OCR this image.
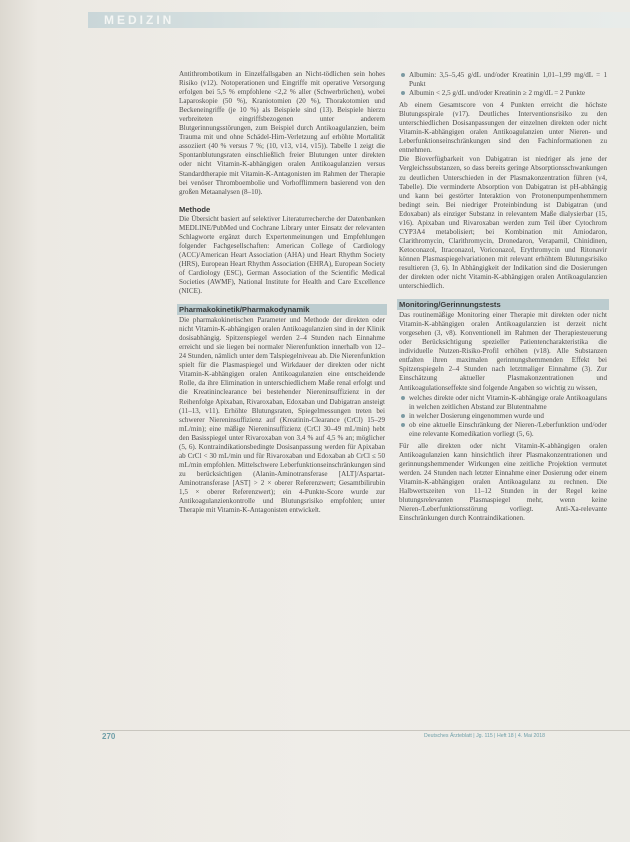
MEDIZIN

Antithrombotikum in Einzelfallsgaben an Nicht-tödlichen sein hohes Risiko (v12). Notoperationen und Eingriffe mit operative Versorgung erfolgen bei 5,5 % empfohlene <2,2 % aller (Schwerbrüchen), wobei Laparoskopie (50 %), Kraniotomien (20 %), Thorakotomien und Beckeneingriffe (je 10 %) als Beispiele sind (13). Beispiele hierzu verbreiteten eingriffsbezogenen unter anderem Blutgerinnungsstörungen, zum Beispiel durch Antikoagulanzien, beim Trauma mit und ohne Schädel-Hirn-Verletzung auf erhöhte Mortalität assoziiert (40 % versus 7 %; (10, v13, v14, v15)). Tabelle 1 zeigt die Spontanblutungsraten einschließlich freier Blutungen unter direkten oder nicht Vitamin-K-abhängigen oralen Antikoagulanzien versus Standardtherapie mit Vitamin-K-Antagonisten im Rahmen der Therapie bei venöser Thromboembolie und Vorhofflimmern basierend von den großen Metaanalysen (8–10).

Methode

Die Übersicht basiert auf selektiver Literaturrecherche der Datenbanken MEDLINE/PubMed und Cochrane Library unter Einsatz der relevanten Schlagworte ergänzt durch Expertenmeinungen und Empfehlungen folgender Fachgesellschaften: American College of Cardiology (ACC)/American Heart Association (AHA) und Heart Rhythm Society (HRS), European Heart Rhythm Association (EHRA), European Society of Cardiology (ESC), German Association of the Scientific Medical Societies (AWMF), National Institute for Health and Care Excellence (NICE).

Pharmakokinetik/Pharmakodynamik

Die pharmakokinetischen Parameter und Methode der direkten oder nicht Vitamin-K-abhängigen oralen Antikoagulanzien sind in der Klinik dosisabhängig. Spitzenspiegel werden 2–4 Stunden nach Einnahme erreicht und sie liegen bei normaler Nierenfunktion innerhalb von 12–24 Stunden, nämlich unter dem Talspiegelniveau ab. Die Nierenfunktion spielt für die Plasmaspiegel und Wirkdauer der direkten oder nicht Vitamin-K-abhängigen oralen Antikoagulanzien eine entscheidende Rolle, da ihre Elimination in unterschiedlichem Maße renal erfolgt und die Kreatininclearance bei bestehender Niereninsuffizienz in der Reihenfolge Apixaban, Rivaroxaban, Edoxaban und Dabigatran ansteigt (11–13, v11). Erhöhte Blutungsraten, Spiegelmessungen treten bei schwerer Niereninsuffizienz auf (Kreatinin-Clearance (CrCl) 15–29 mL/min); eine mäßige Niereninsuffizienz (CrCl 30–49 mL/min) hebt den Basisspiegel unter Rivaroxaban von 3,4 % auf 4,5 % an; möglicher (5, 6). Kontraindikationsbedingte Dosisanpassung werden für Apixaban ab CrCl < 30 mL/min und für Rivaroxaban und Edoxaban ab CrCl ≤ 50 mL/min empfohlen. Mittelschwere Leberfunktionseinschränkungen sind zu berücksichtigen (Alanin-Aminotransferase [ALT]/Aspartat-Aminotransferase [AST] > 2 × oberer Referenzwert; Gesamtbilirubin 1,5 × oberer Referenzwert); ein 4-Punkte-Score wurde zur Antikoagulanzienkontrolle und Blutungsrisiko empfohlen; unter Therapie mit Vitamin-K-Antagonisten entwickelt.

Albumin: 3,5–5,45 g/dL und/oder Kreatinin 1,01–1,99 mg/dL = 1 Punkt
Albumin < 2,5 g/dL und/oder Kreatinin ≥ 2 mg/dL = 2 Punkte

Ab einem Gesamtscore von 4 Punkten erreicht die höchste Blutungsspirale (v17). Deutliches Interventionsrisiko zu den unterschiedlichen Dosisanpassungen der einzelnen direkten oder nicht Vitamin-K-abhängigen oralen Antikoagulanzien unter Nieren- und Leberfunktionseinschränkungen sind den Fachinformationen zu entnehmen.

Die Bioverfügbarkeit von Dabigatran ist niedriger als jene der Vergleichssubstanzen, so dass bereits geringe Absorptionsschwankungen zu deutlichen Unterschieden in der Plasmakonzentration führen (v4, Tabelle). Die verminderte Absorption von Dabigatran ist pH-abhängig und kann bei gestörter Interaktion von Protonenpumpenhemmern bedingt sein. Bei niedriger Proteinbindung ist Dabigatran (und Edoxaban) als einziger Substanz in relevantem Maße dialysierbar (15, v16). Apixaban und Rivaroxaban werden zum Teil über Cytochrom CYP3A4 metabolisiert; bei Kombination mit Amiodaron, Clarithromycin, Clarithromycin, Dronedaron, Verapamil, Chinidinen, Ketoconazol, Itraconazol, Voriconazol, Erythromycin und Ritonavir können Plasmaspiegelvariationen mit relevant erhöhtem Blutungsrisiko resultieren (3, 6). In Abhängigkeit der Indikation sind die Dosierungen der direkten oder nicht Vitamin-K-abhängigen oralen Antikoagulanzien unterschiedlich.

Monitoring/Gerinnungstests

Das routinemäßige Monitoring einer Therapie mit direkten oder nicht Vitamin-K-abhängigen oralen Antikoagulanzien ist derzeit nicht vorgesehen (3, v8). Konventionell im Rahmen der Therapiesteuerung oder Berücksichtigung spezieller Patientencharakteristika die individuelle Nutzen-Risiko-Profil erhöhen (v18). Alle Substanzen entfalten ihren maximalen gerinnungshemmenden Effekt bei Spitzenspiegeln 2–4 Stunden nach letztmaliger Einnahme (3). Zur Einschätzung aktueller Plasmakonzentrationen und Antikoagulationseffekte sind folgende Angaben so wichtig zu wissen,

welches direkte oder nicht Vitamin-K-abhängige orale Antikoagulans in welchen zeitlichen Abstand zur Blutentnahme
in welcher Dosierung eingenommen wurde und
ob eine aktuelle Einschränkung der Nieren-/Leberfunktion und/oder eine relevante Komedikation vorliegt (5, 6).

Für alle direkten oder nicht Vitamin-K-abhängigen oralen Antikoagulanzien kann hinsichtlich ihrer Plasmakonzentrationen und gerinnungshemmender Wirkungen eine zeitliche Projektion vermutet werden. 24 Stunden nach letzter Einnahme einer Dosierung oder einem Vitamin-K-abhängigen oralen Antikoagulanz zu rechnen. Die Halbwertszeiten von 11–12 Stunden in der Regel keine blutungsrelevanten Plasmaspiegel mehr, wenn keine Nieren-/Leberfunktionsstörung vorliegt. Anti-Xa-relevante Einschränkungen durch Kontraindikationen.

270	Deutsches Ärzteblatt | Jg. 115 | Heft 18 | 4. Mai 2018
